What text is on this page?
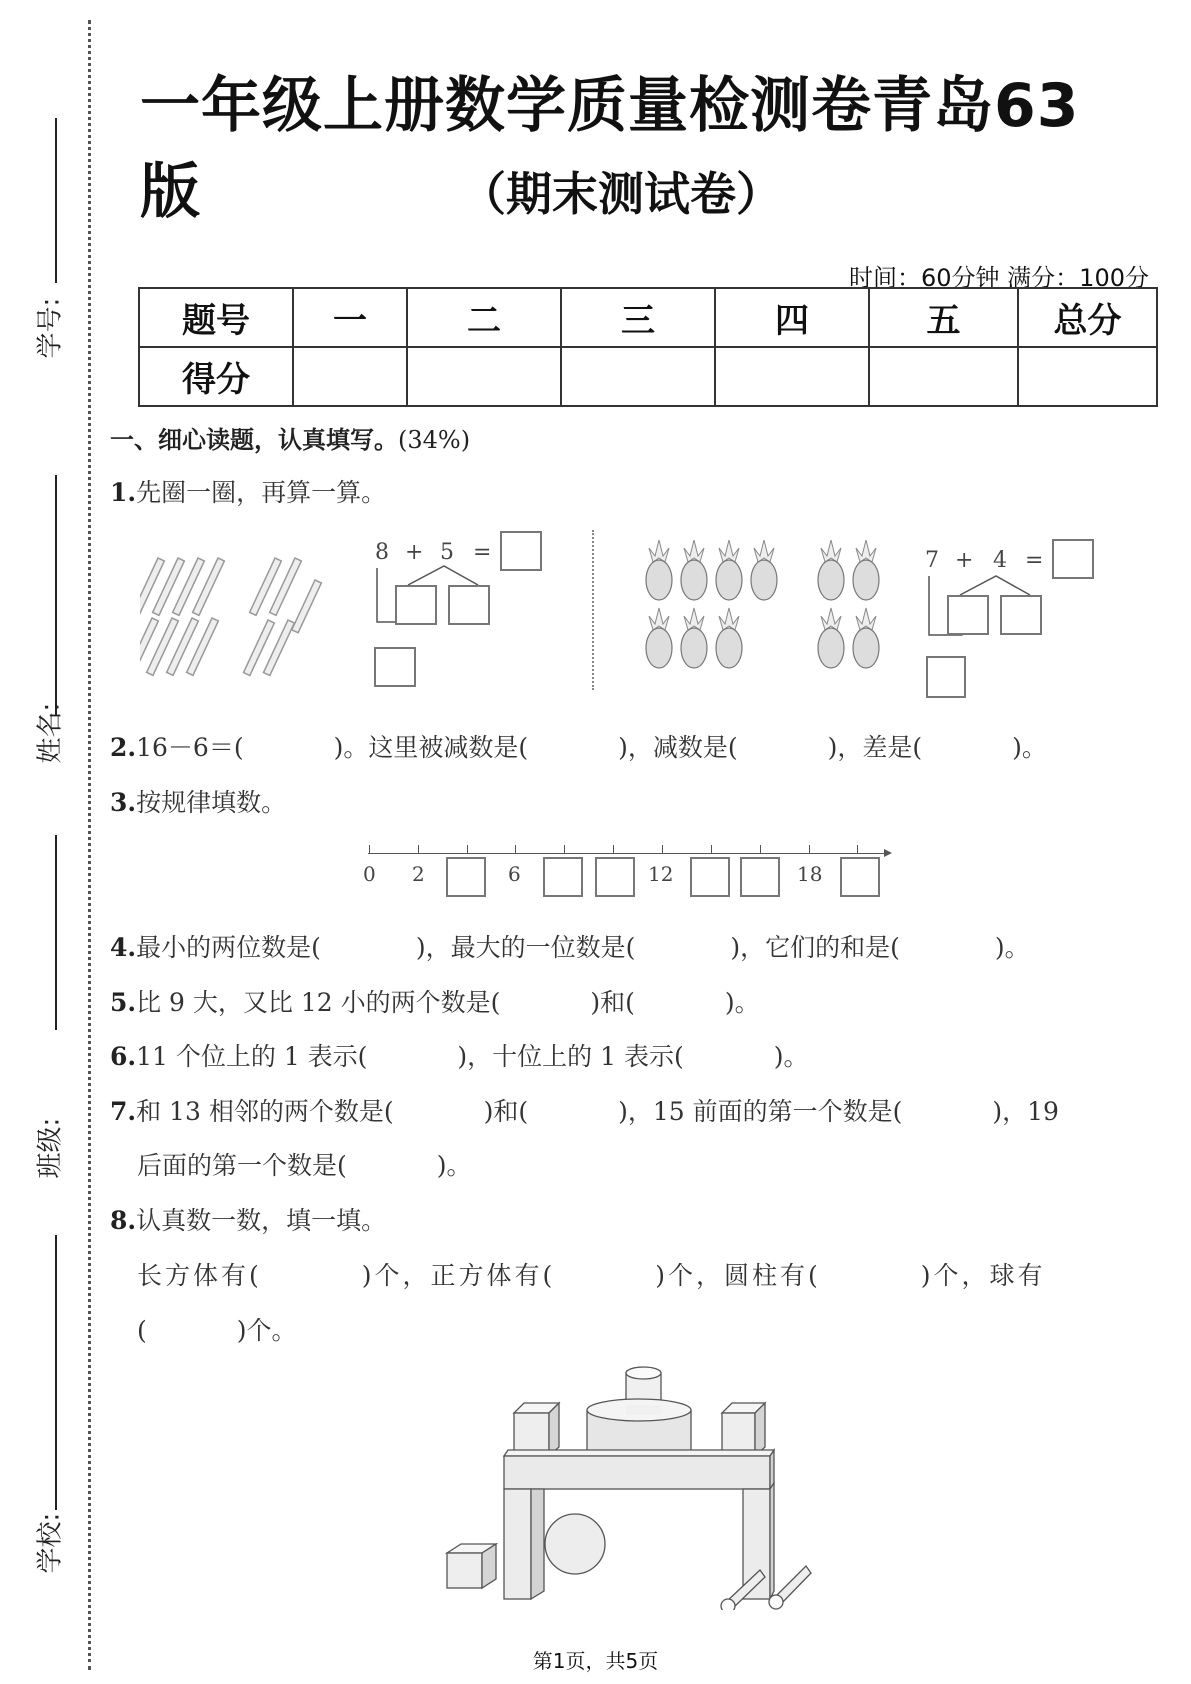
学号:
姓名:
班级:
学校:
一年级上册数学质量检测卷青岛63版	（期末测试卷）
时间：60分钟 满分：100分
题号	一	二	三	四	五	总分
得分						
一、细心读题，认真填写。(34%)
1.先圈一圈，再算一算。
8 + 5 =	7 + 4 =
2.16－6＝(	)。这里被减数是(	)，减数是(	)，差是(	)。
3.按规律填数。
0 2	6	12	18
4.最小的两位数是(	)，最大的一位数是(	)，它们的和是(	)。
5.比 9 大，又比 12 小的两个数是(	)和(	)。
6.11 个位上的 1 表示(	)，十位上的 1 表示(	)。
7.和 13 相邻的两个数是(	)和(	)，15 前面的第一个数是(	)，19
后面的第一个数是(	)。
8.认真数一数，填一填。
长方体有(	)个，正方体有(	)个，圆柱有(	)个，球有
(	)个。
第1页，共5页
